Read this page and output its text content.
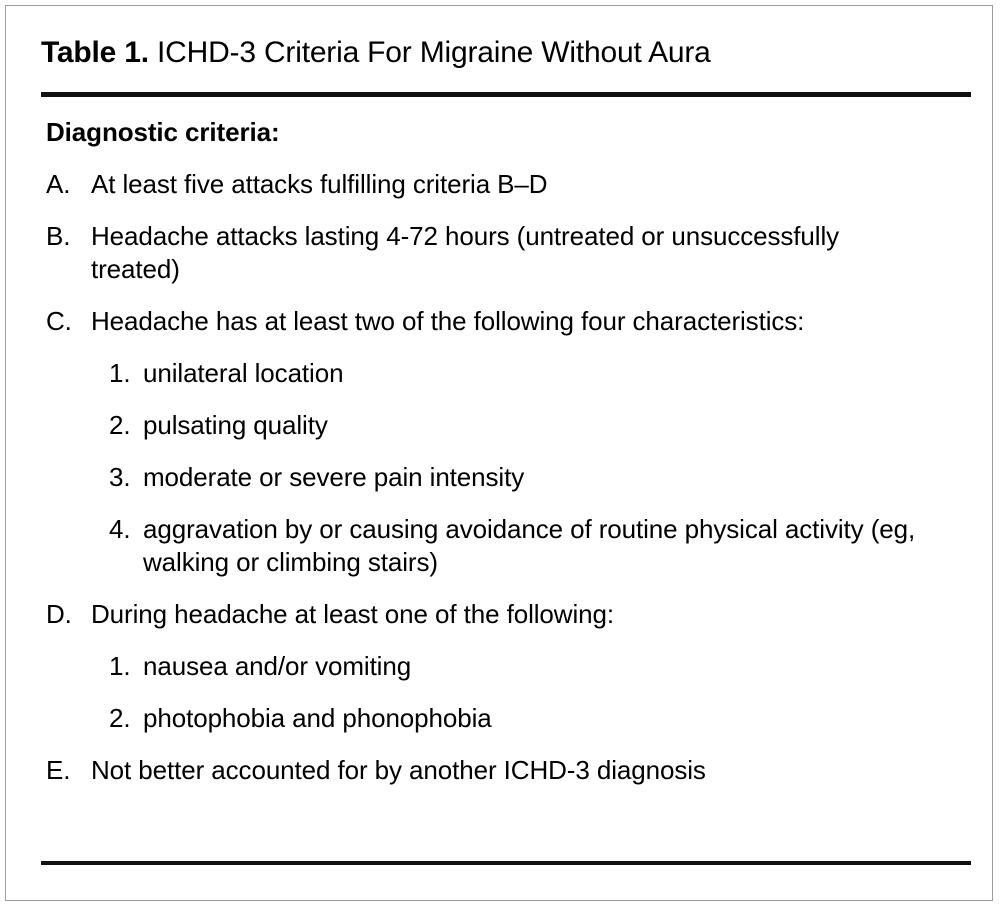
Table 1. ICHD-3 Criteria For Migraine Without Aura
Diagnostic criteria:
A. At least five attacks fulfilling criteria B–D
B. Headache attacks lasting 4-72 hours (untreated or unsuccessfully treated)
C. Headache has at least two of the following four characteristics:
1. unilateral location
2. pulsating quality
3. moderate or severe pain intensity
4. aggravation by or causing avoidance of routine physical activity (eg, walking or climbing stairs)
D. During headache at least one of the following:
1. nausea and/or vomiting
2. photophobia and phonophobia
E. Not better accounted for by another ICHD-3 diagnosis
